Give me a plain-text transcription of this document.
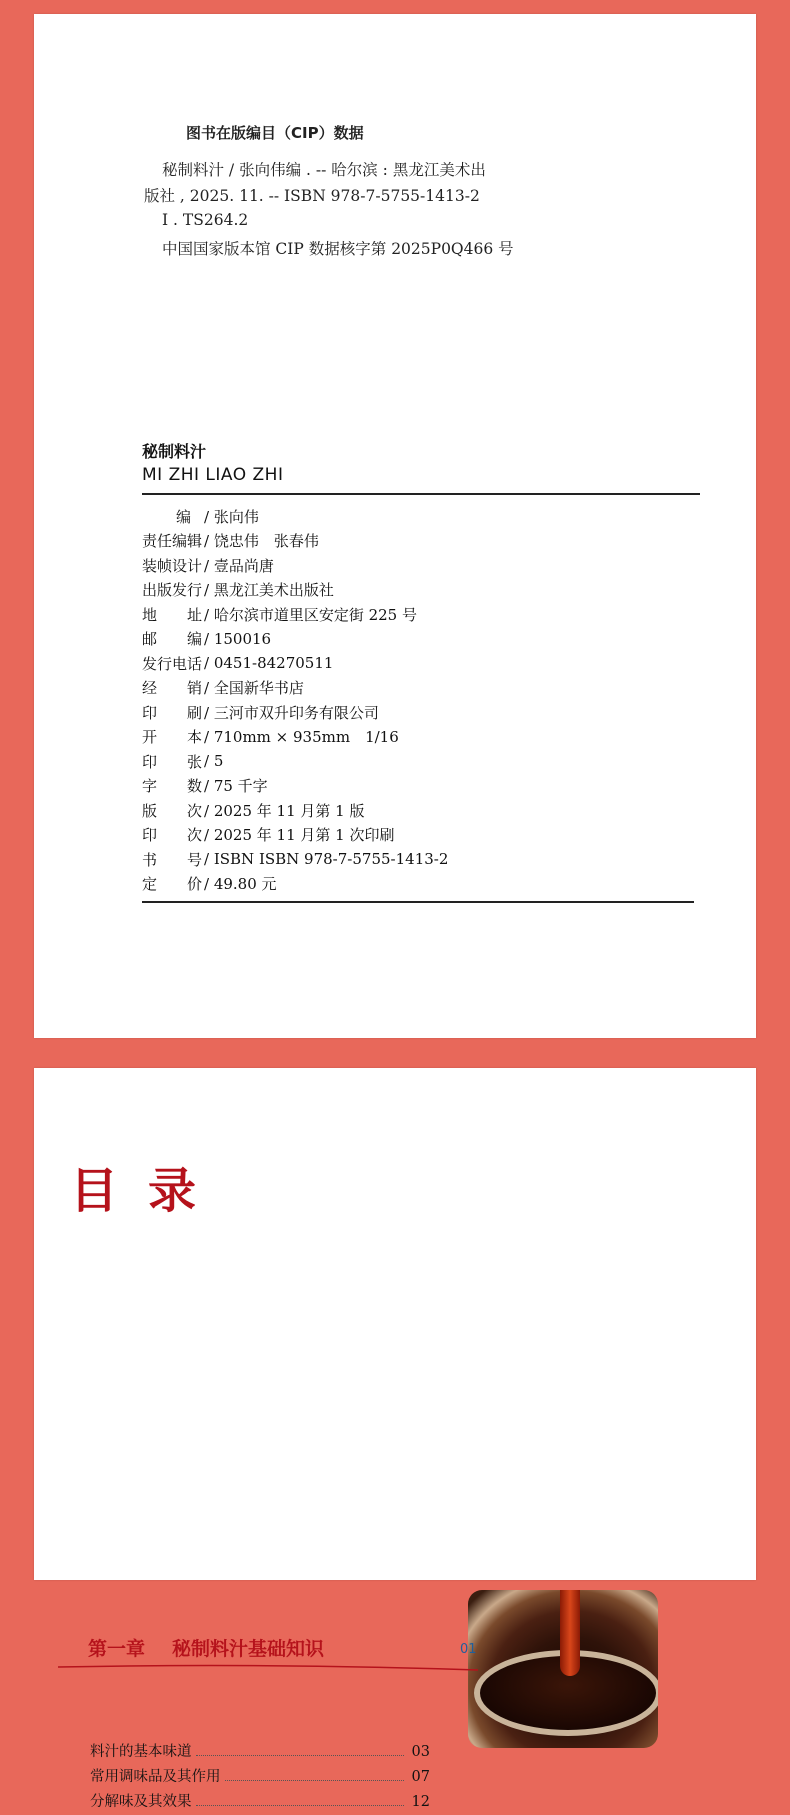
图书在版编目（CIP）数据
秘制料汁 / 张向伟编 . -- 哈尔滨 : 黑龙江美术出
版社 , 2025. 11. -- ISBN 978-7-5755-1413-2
Ⅰ . TS264.2
中国国家版本馆 CIP 数据核字第 2025P0Q466 号
秘制料汁
MI ZHI LIAO ZHI
编 / 张向伟
责任编辑 / 饶忠伟　张春伟
装帧设计 / 壹品尚唐
出版发行 / 黑龙江美术出版社
地　　址 / 哈尔滨市道里区安定街 225 号
邮　　编 / 150016
发行电话 / 0451-84270511
经　　销 / 全国新华书店
印　　刷 / 三河市双升印务有限公司
开　　本 / 710mm × 935mm　1/16
印　　张 / 5
字　　数 / 75 千字
版　　次 / 2025 年 11 月第 1 版
印　　次 / 2025 年 11 月第 1 次印刷
书　　号 / ISBN ISBN 978-7-5755-1413-2
定　　价 / 49.80 元
目录
第一章 秘制料汁基础知识	01
料汁的基本味道	03
常用调味品及其作用	07
分解味及其效果	12
